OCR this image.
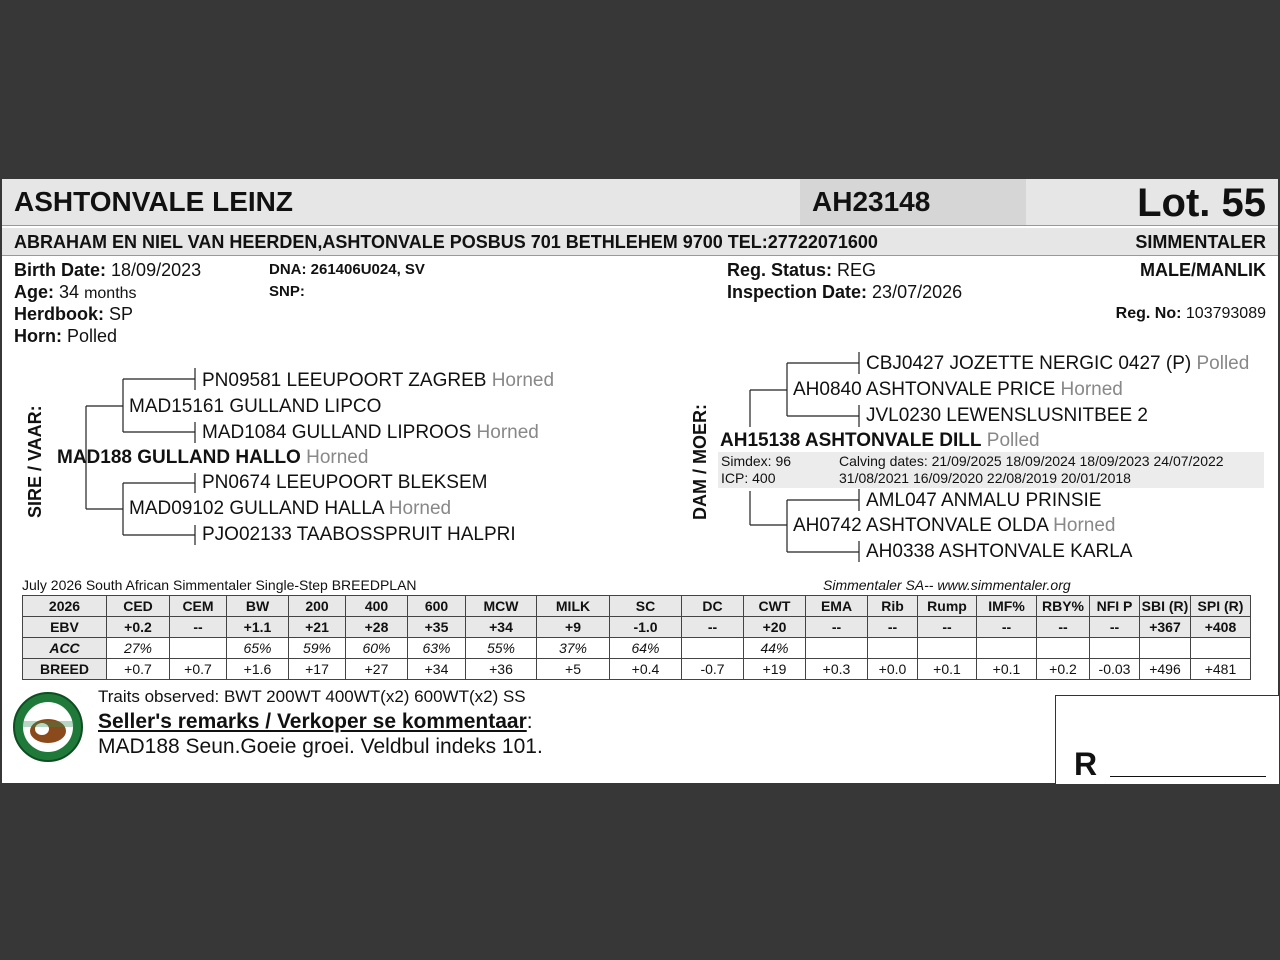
ASHTONVALE LEINZ	AH23148	Lot. 55
ABRAHAM EN NIEL VAN HEERDEN,ASHTONVALE POSBUS 701 BETHLEHEM 9700 TEL:27722071600	SIMMENTALER
Birth Date: 18/09/2023
Age: 34 months
Herdbook: SP
Horn: Polled
DNA: 261406U024, SV
SNP:
Reg. Status: REG
Inspection Date: 23/07/2026
MALE/MANLIK
Reg. No: 103793089
SIRE / VAAR:
PN09581 LEEUPOORT ZAGREB Horned
MAD15161 GULLAND LIPCO
MAD1084 GULLAND LIPROOS Horned
MAD188 GULLAND HALLO Horned
PN0674 LEEUPOORT BLEKSEM
MAD09102 GULLAND HALLA Horned
PJO02133 TAABOSSPRUIT HALPRI
DAM / MOER:
CBJ0427 JOZETTE NERGIC 0427 (P) Polled
AH0840 ASHTONVALE PRICE Horned
JVL0230 LEWENSLUSNITBEE 2
AH15138 ASHTONVALE DILL Polled
Simdex: 96
ICP: 400
Calving dates: 21/09/2025 18/09/2024 18/09/2023 24/07/2022
31/08/2021 16/09/2020 22/08/2019 20/01/2018
AML047 ANMALU PRINSIE
AH0742 ASHTONVALE OLDA Horned
AH0338 ASHTONVALE KARLA
July 2026 South African Simmentaler Single-Step BREEDPLAN	Simmentaler SA-- www.simmentaler.org
2026	CED	CEM	BW	200	400	600	MCW	MILK	SC	DC	CWT	EMA	Rib	Rump	IMF%	RBY%	NFI P	SBI (R)	SPI (R)
EBV	+0.2	--	+1.1	+21	+28	+35	+34	+9	-1.0	--	+20	--	--	--	--	--	--	+367	+408
ACC	27%		65%	59%	60%	63%	55%	37%	64%		44%								
BREED	+0.7	+0.7	+1.6	+17	+27	+34	+36	+5	+0.4	-0.7	+19	+0.3	+0.0	+0.1	+0.1	+0.2	-0.03	+496	+481
Traits observed: BWT 200WT 400WT(x2) 600WT(x2) SS
Seller's remarks / Verkoper se kommentaar:
MAD188 Seun.Goeie groei. Veldbul indeks 101.	R
